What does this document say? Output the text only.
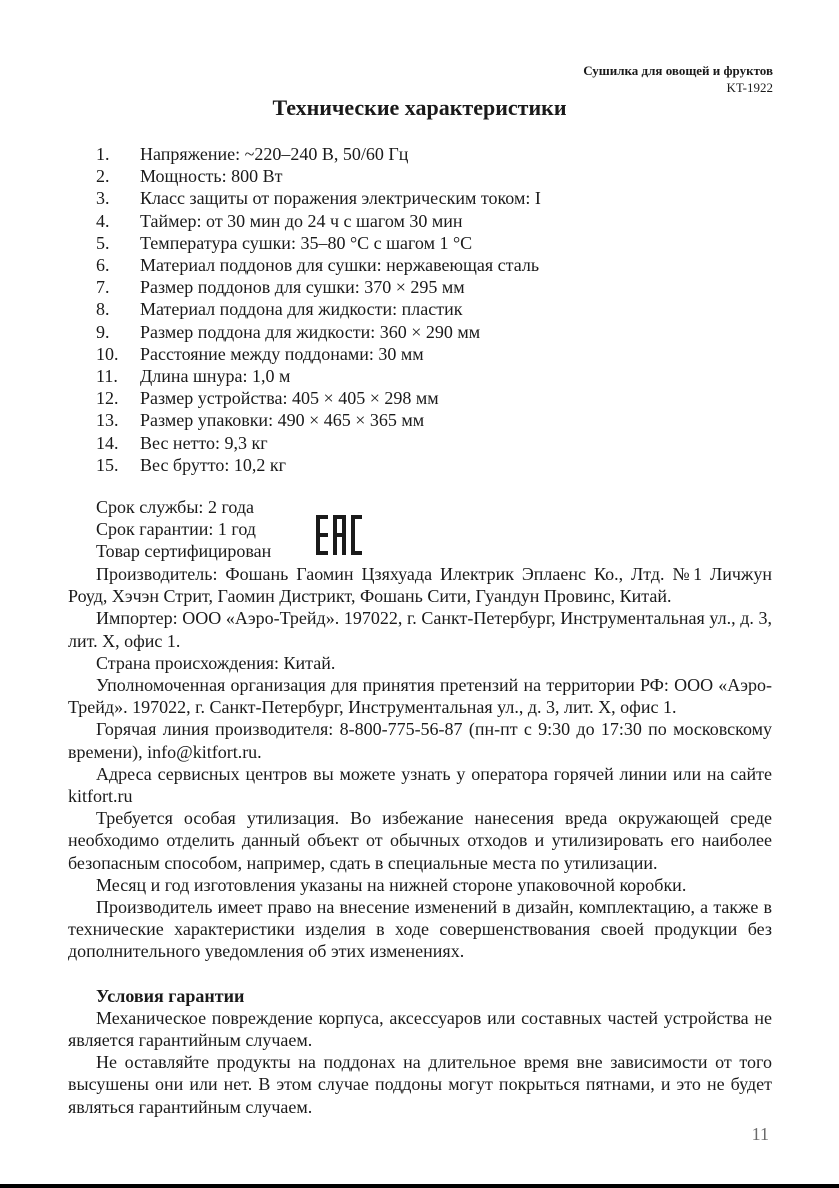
Сушилка для овощей и фруктов
KT-1922
Технические характеристики
1.	Напряжение: ~220–240 В, 50/60 Гц
2.	Мощность: 800 Вт
3.	Класс защиты от поражения электрическим током: I
4.	Таймер: от 30 мин до 24 ч с шагом 30 мин
5.	Температура сушки: 35–80 °С с шагом 1 °С
6.	Материал поддонов для сушки: нержавеющая сталь
7.	Размер поддонов для сушки: 370 × 295 мм
8.	Материал поддона для жидкости: пластик
9.	Размер поддона для жидкости: 360 × 290 мм
10.	Расстояние между поддонами: 30 мм
11.	Длина шнура: 1,0 м
12.	Размер устройства: 405 × 405 × 298 мм
13.	Размер упаковки: 490 × 465 × 365 мм
14.	Вес нетто: 9,3 кг
15.	Вес брутто: 10,2 кг
Срок службы: 2 года
Срок гарантии: 1 год
Товар сертифицирован

Производитель: Фошань Гаомин Цзяхуада Илектрик Эплаенс Ко., Лтд. №1 Личжун Роуд, Хэчэн Стрит, Гаомин Дистрикт, Фошань Сити, Гуандун Провинс, Китай.

Импортер: ООО «Аэро-Трейд». 197022, г. Санкт-Петербург, Инструментальная ул., д. 3, лит. Х, офис 1.

Страна происхождения: Китай.

Уполномоченная организация для принятия претензий на территории РФ: ООО «Аэро-Трейд». 197022, г. Санкт-Петербург, Инструментальная ул., д. 3, лит. Х, офис 1.

Горячая линия производителя: 8-800-775-56-87 (пн-пт с 9:30 до 17:30 по московскому времени), info@kitfort.ru.

Адреса сервисных центров вы можете узнать у оператора горячей линии или на сайте kitfort.ru

Требуется особая утилизация. Во избежание нанесения вреда окружающей среде необходимо отделить данный объект от обычных отходов и утилизировать его наиболее безопасным способом, например, сдать в специальные места по утилизации.

Месяц и год изготовления указаны на нижней стороне упаковочной коробки.

Производитель имеет право на внесение изменений в дизайн, комплектацию, а также в технические характеристики изделия в ходе совершенствования своей продукции без дополнительного уведомления об этих изменениях.

Условия гарантии

Механическое повреждение корпуса, аксессуаров или составных частей устройства не является гарантийным случаем.

Не оставляйте продукты на поддонах на длительное время вне зависимости от того высушены они или нет. В этом случае поддоны могут покрыться пятнами, и это не будет являться гарантийным случаем.

11
